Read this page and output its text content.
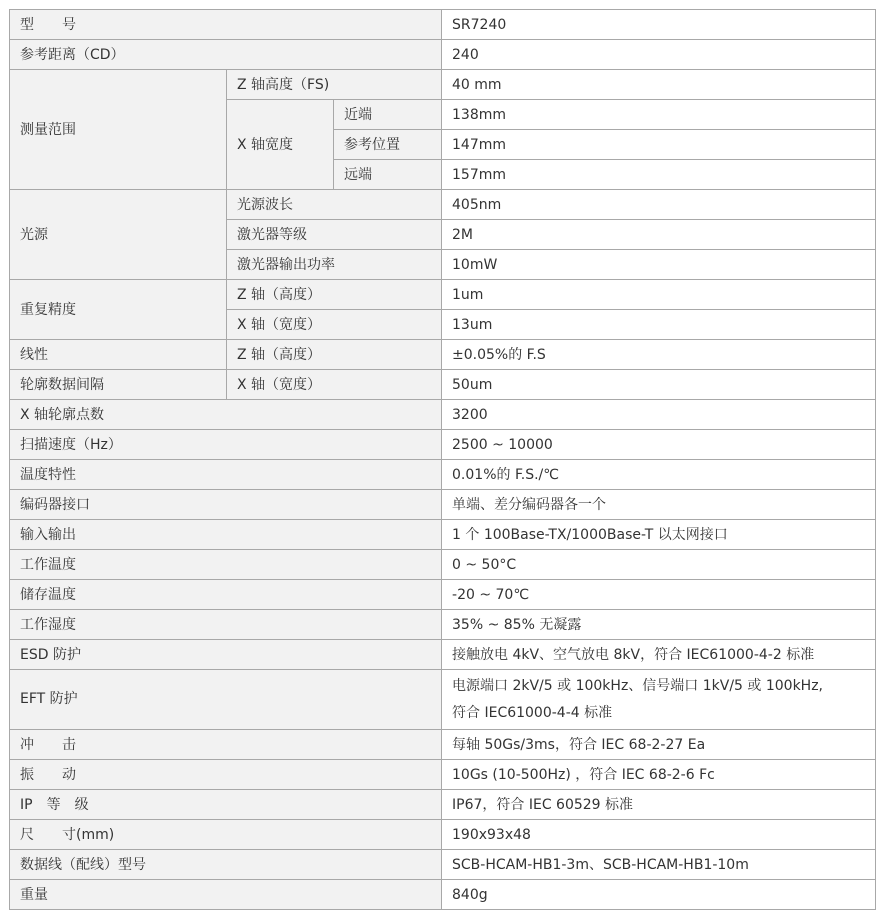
型　　号			SR7240
参考距离（CD）			240
测量范围	Z 轴高度（FS)		40 mm
	X 轴宽度	近端	138mm
		参考位置	147mm
		远端	157mm
光源	光源波长		405nm
	激光器等级		2M
	激光器输出功率		10mW
重复精度	Z 轴（高度）		1um
	X 轴（宽度）		13um
线性	Z 轴（高度）		±0.05%的 F.S
轮廓数据间隔	X 轴（宽度）		50um
X 轴轮廓点数			3200
扫描速度（Hz）			2500 ~ 10000
温度特性			0.01%的 F.S./℃
编码器接口			单端、差分编码器各一个
输入输出			1 个 100Base-TX/1000Base-T 以太网接口
工作温度			0 ~ 50°C
储存温度			-20 ~ 70℃
工作湿度			35% ~ 85% 无凝露
ESD 防护			接触放电 4kV、空气放电 8kV，符合 IEC61000-4-2 标准
EFT 防护			电源端口 2kV/5 或 100kHz、信号端口 1kV/5 或 100kHz,
符合 IEC61000-4-4 标准
冲　　击			每轴 50Gs/3ms，符合 IEC 68-2-27 Ea
振　　动			10Gs (10-500Hz) ，符合 IEC 68-2-6 Fc
IP　等　级			IP67，符合 IEC 60529 标准
尺　　寸(mm)			190x93x48
数据线（配线）型号			SCB-HCAM-HB1-3m、SCB-HCAM-HB1-10m
重量			840g
